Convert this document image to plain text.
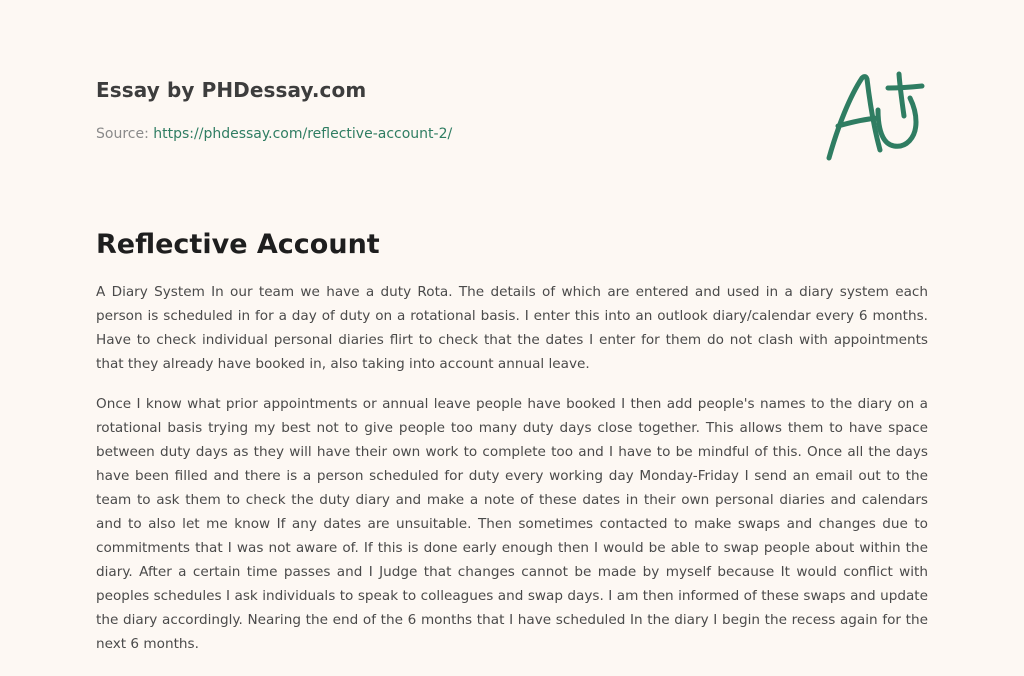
Essay by PHDessay.com
Source: https://phdessay.com/reflective-account-2/
Reflective Account

A Diary System In our team we have a duty Rota. The details of which are entered and used in a diary system each person is scheduled in for a day of duty on a rotational basis. I enter this into an outlook diary/calendar every 6 months. Have to check individual personal diaries flirt to check that the dates I enter for them do not clash with appointments that they already have booked in, also taking into account annual leave.

Once I know what prior appointments or annual leave people have booked I then add people's names to the diary on a rotational basis trying my best not to give people too many duty days close together. This allows them to have space between duty days as they will have their own work to complete too and I have to be mindful of this. Once all the days have been filled and there is a person scheduled for duty every working day Monday-Friday I send an email out to the team to ask them to check the duty diary and make a note of these dates in their own personal diaries and calendars and to also let me know If any dates are unsuitable. Then sometimes contacted to make swaps and changes due to commitments that I was not aware of. If this is done early enough then I would be able to swap people about within the diary. After a certain time passes and I Judge that changes cannot be made by myself because It would conflict with peoples schedules I ask individuals to speak to colleagues and swap days. I am then informed of these swaps and update the diary accordingly. Nearing the end of the 6 months that I have scheduled In the diary I begin the recess again for the next 6 months.
